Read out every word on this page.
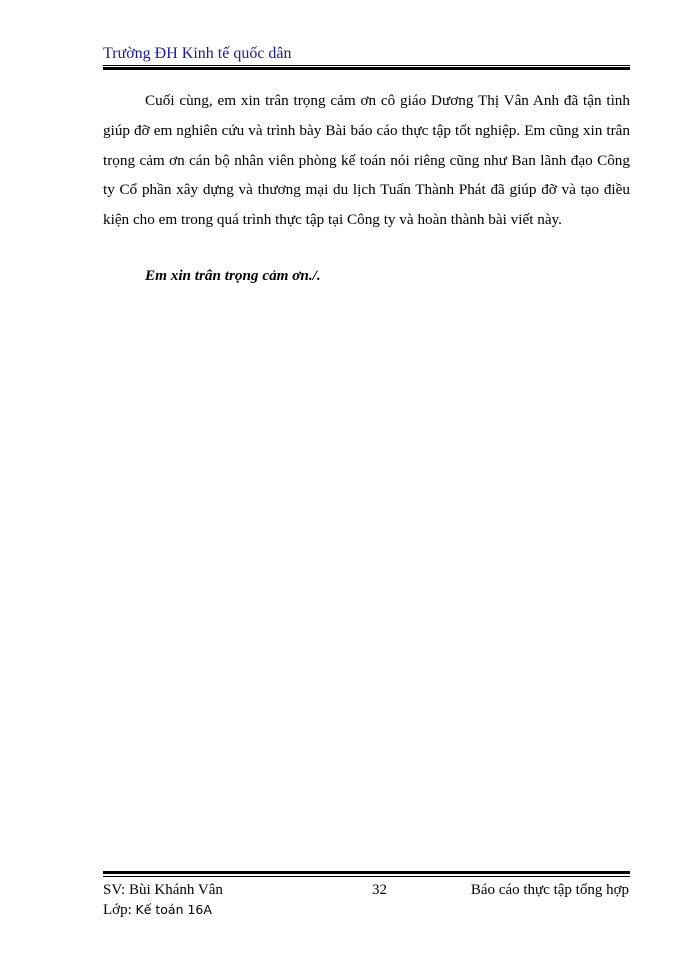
Trường ĐH Kinh tế quốc dân

Cuối cùng, em xin trân trọng cảm ơn cô giáo Dương Thị Vân Anh đã tận tình giúp đỡ em nghiên cứu và trình bày Bài báo cáo thực tập tốt nghiệp. Em cũng xin trân trọng cảm ơn cán bộ nhân viên phòng kế toán nói riêng cũng như Ban lãnh đạo Công ty Cổ phần xây dựng và thương mại du lịch Tuấn Thành Phát đã giúp đỡ và tạo điều kiện cho em trong quá trình thực tập tại Công ty và hoàn thành bài viết này.

Em xin trân trọng cảm ơn./.
SV: Bùi Khánh Vân	32	Báo cáo thực tập tổng hợp
Lớp: Kế toán 16A
